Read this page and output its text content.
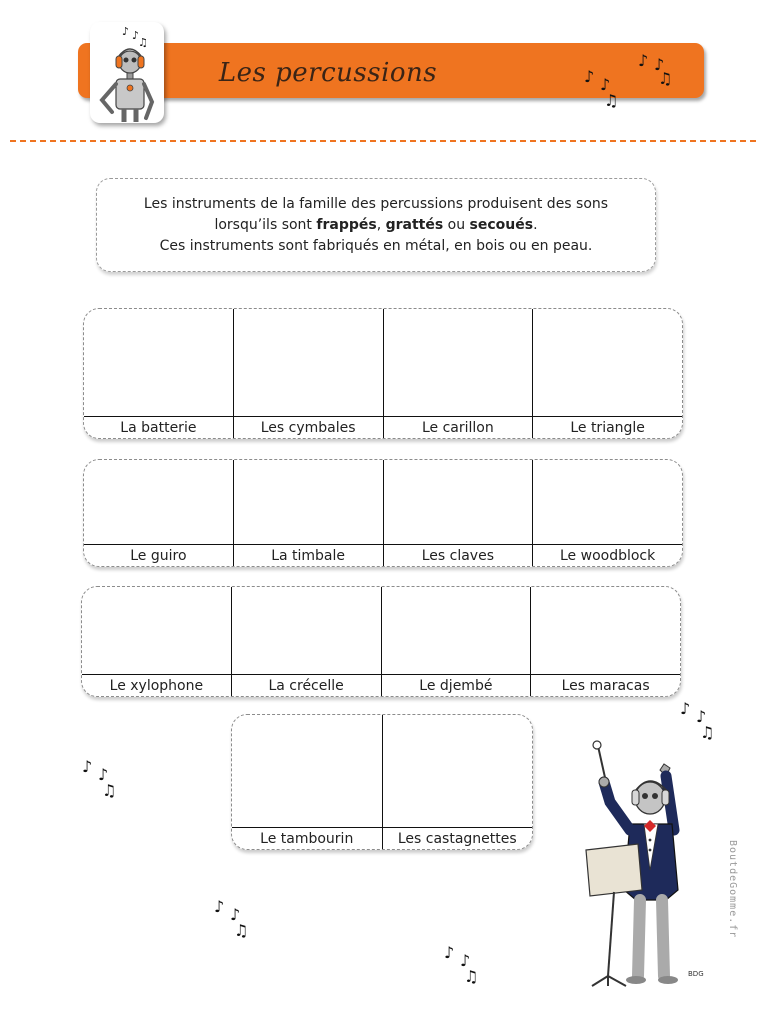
Les percussions
♪ ♪
♫
♪ ♪
♫
♪ ♪
♫
Les instruments de la famille des percussions produisent des sons
lorsqu’ils sont frappés, grattés ou secoués.
Ces instruments sont fabriqués en métal, en bois ou en peau.
La batterie	Les cymbales	Le carillon	Le triangle
Le guiro	La timbale	Les claves	Le woodblock
Le xylophone	La crécelle	Le djembé	Les maracas
Le tambourin	Les castagnettes
♪ ♪
♫
♪ ♪
♫
♪ ♪
♫
♪ ♪
♫	BDG
BoutdeGomme.fr
